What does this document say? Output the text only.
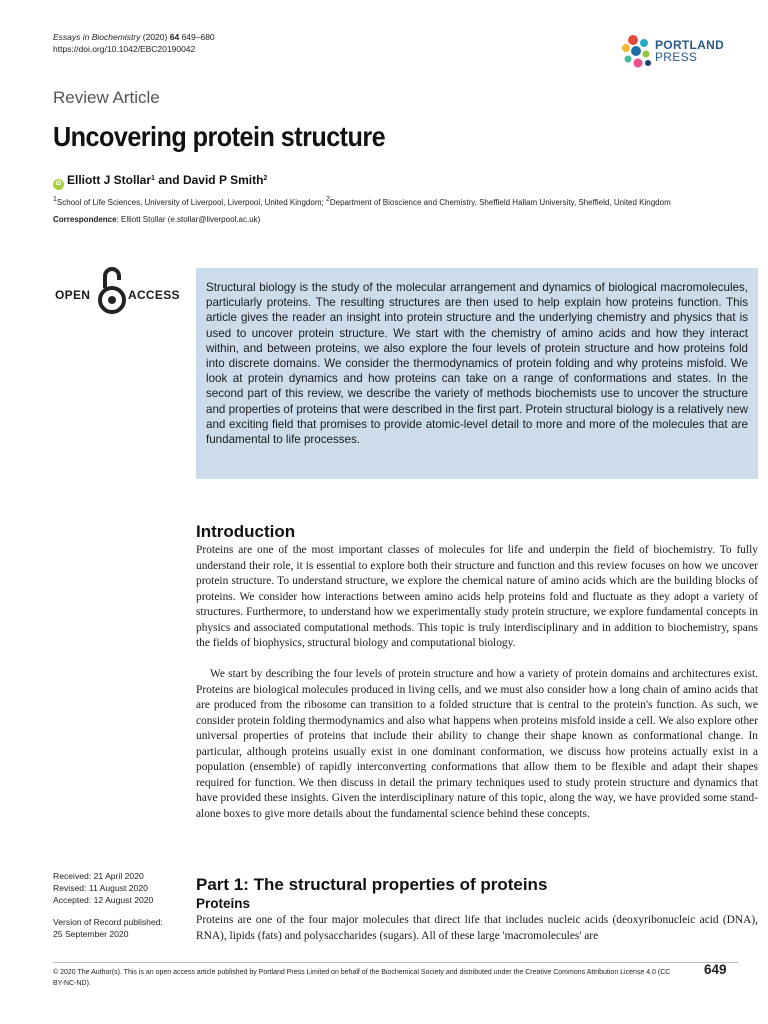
Essays in Biochemistry (2020) 64 649–680
https://doi.org/10.1042/EBC20190042	PORTLAND
PRESS
Review Article
Uncovering protein structure
iD Elliott J Stollar$^1$ and David P Smith$^2$
$^1$School of Life Sciences, University of Liverpool, Liverpool, United Kingdom; $^2$Department of Bioscience and Chemistry, Sheffield Hallam University, Sheffield, United Kingdom
Correspondence: Elliott Stollar (e.stollar@liverpool.ac.uk)
OPEN	ACCESS
Structural biology is the study of the molecular arrangement and dynamics of biological macromolecules, particularly proteins. The resulting structures are then used to help explain how proteins function. This article gives the reader an insight into protein structure and the underlying chemistry and physics that is used to uncover protein structure. We start with the chemistry of amino acids and how they interact within, and between proteins, we also explore the four levels of protein structure and how proteins fold into discrete domains. We consider the thermodynamics of protein folding and why proteins misfold. We look at protein dynamics and how proteins can take on a range of conformations and states. In the second part of this review, we describe the variety of methods biochemists use to uncover the structure and properties of proteins that were described in the first part. Protein structural biology is a relatively new and exciting field that promises to provide atomic-level detail to more and more of the molecules that are fundamental to life processes.
Introduction
Proteins are one of the most important classes of molecules for life and underpin the field of biochemistry. To fully understand their role, it is essential to explore both their structure and function and this review focuses on how we uncover protein structure. To understand structure, we explore the chemical nature of amino acids which are the building blocks of proteins. We consider how interactions between amino acids help proteins fold and fluctuate as they adopt a variety of structures. Furthermore, to understand how we experimentally study protein structure, we explore fundamental concepts in physics and associated computational methods. This topic is truly interdisciplinary and in addition to biochemistry, spans the fields of biophysics, structural biology and computational biology.
We start by describing the four levels of protein structure and how a variety of protein domains and architectures exist. Proteins are biological molecules produced in living cells, and we must also consider how a long chain of amino acids that are produced from the ribosome can transition to a folded structure that is central to the protein's function. As such, we consider protein folding thermodynamics and also what happens when proteins misfold inside a cell. We also explore other universal properties of proteins that include their ability to change their shape known as conformational change. In particular, although proteins usually exist in one dominant conformation, we discuss how proteins actually exist in a population (ensemble) of rapidly interconverting conformations that allow them to be flexible and adapt their shapes required for function. We then discuss in detail the primary techniques used to study protein structure and dynamics that have provided these insights. Given the interdisciplinary nature of this topic, along the way, we have provided some stand-alone boxes to give more details about the fundamental science behind these concepts.
Received: 21 April 2020
Revised: 11 August 2020
Accepted: 12 August 2020
Version of Record published:
25 September 2020
Part 1: The structural properties of proteins
Proteins
Proteins are one of the four major molecules that direct life that includes nucleic acids (deoxyribonucleic acid (DNA), RNA), lipids (fats) and polysaccharides (sugars). All of these large 'macromolecules' are
© 2020 The Author(s). This is an open access article published by Portland Press Limited on behalf of the Biochemical Society and distributed under the Creative Commons Attribution License 4.0 (CC BY-NC-ND).
649
